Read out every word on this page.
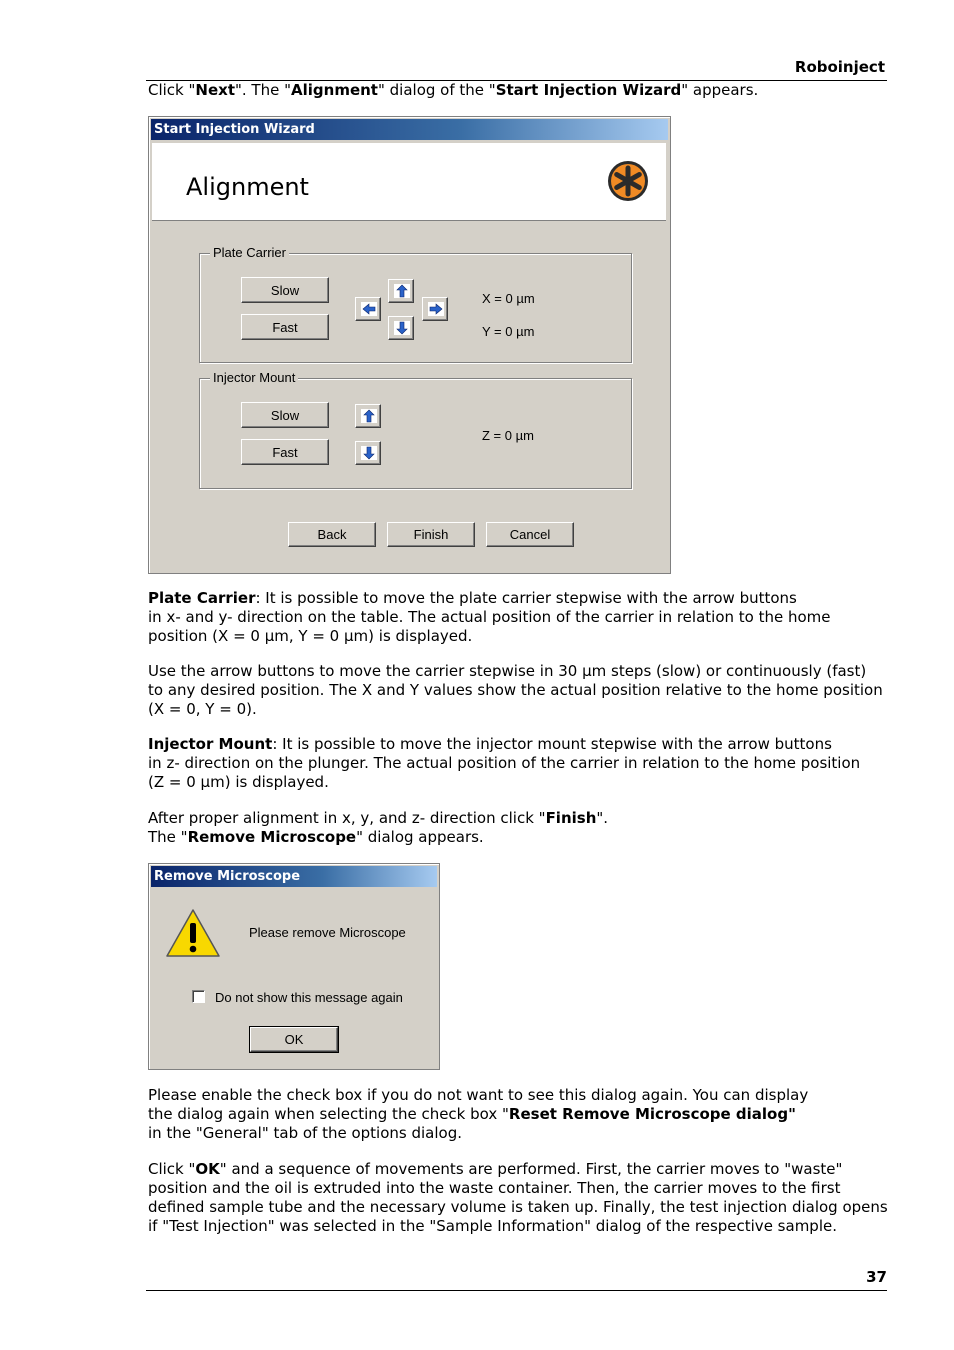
Roboinject
Click "Next". The "Alignment" dialog of the "Start Injection Wizard" appears.
Start Injection Wizard
Alignment
Plate Carrier
Slow
Fast
X = 0 µm
Y = 0 µm
Injector Mount
Slow
Fast
Z = 0 µm
Back	Finish	Cancel
Plate Carrier: It is possible to move the plate carrier stepwise with the arrow buttons
in x- and y- direction on the table. The actual position of the carrier in relation to the home
position (X = 0 µm, Y = 0 µm) is displayed.
Use the arrow buttons to move the carrier stepwise in 30 µm steps (slow) or continuously (fast)
to any desired position. The X and Y values show the actual position relative to the home position
(X = 0, Y = 0).
Injector Mount: It is possible to move the injector mount stepwise with the arrow buttons
in z- direction on the plunger. The actual position of the carrier in relation to the home position
(Z = 0 µm) is displayed.
After proper alignment in x, y, and z- direction click "Finish".
The "Remove Microscope" dialog appears.
Remove Microscope
Please remove Microscope
Do not show this message again
OK
Please enable the check box if you do not want to see this dialog again. You can display
the dialog again when selecting the check box "Reset Remove Microscope dialog"
in the "General" tab of the options dialog.
Click "OK" and a sequence of movements are performed. First, the carrier moves to "waste"
position and the oil is extruded into the waste container. Then, the carrier moves to the first
defined sample tube and the necessary volume is taken up. Finally, the test injection dialog opens
if "Test Injection" was selected in the "Sample Information" dialog of the respective sample.
37
